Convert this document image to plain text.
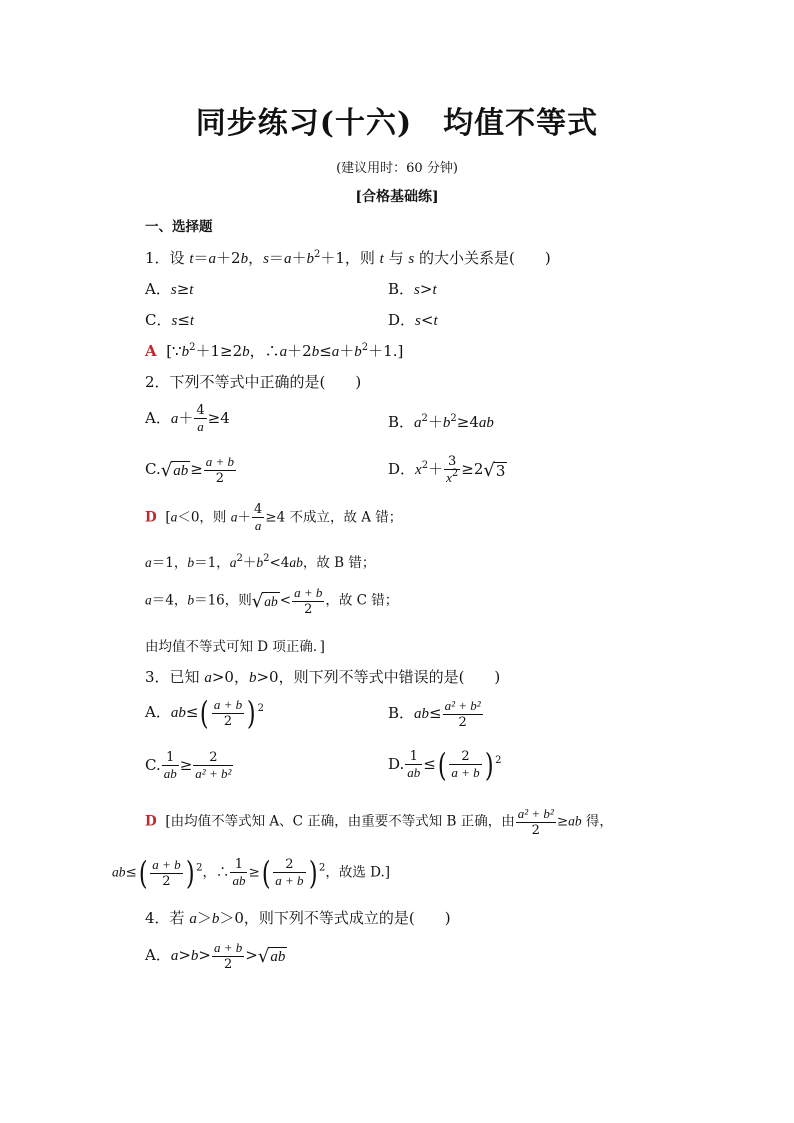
同步练习(十六)　均值不等式
(建议用时：60 分钟)
[合格基础练]
一、选择题
1．设 t＝a＋2b，$s=a+b^2+1$，则 t 与 s 的大小关系是(　　)
A．s≥t	B．s>t
C．s≤t	D．s<t
A [$\because b^2+1\ge 2b$，$\therefore a+2b\le a+b^2+1$.]
2．下列不等式中正确的是(　　)
A．$a+ \frac{4}{a} \ge 4$	B．$a^2+b^2\ge 4ab$
$C.√ab \ge \frac{a + b}{2}$	D．$x^2+ \frac{3}{x^2} \ge 2√3$
D [a＜0，则 $a+ \frac{4}{a} \ge 4$ 不成立，故 A 错；
a＝1，b＝1，$a^2+b^2<4ab$，故 B 错；
a＝4，b＝16，则$√ab < \frac{a + b}{2}$ ，故 C 错；
由均值不等式可知 D 项正确．]
3．已知 a>0，b>0，则下列不等式中错误的是(　　)
A．$ab\le( \frac{a + b}{2}$ ) $^2$	B．$ab\le \frac{\text{a² + b²}}{2}$
C. $\frac{1}{ab} \ge \frac{2}{\text{a² + b²}}$	D. $\frac{1}{ab}$ ≤( $\frac{2}{a + b}$ ) $^2$
D [由均值不等式知 A、C 正确，由重要不等式知 B 正确，由 $\frac{\text{a² + b²}}{2} \ge ab$ 得，
$ab\le( \frac{a + b}{2}$ ) $^2$，∴ $\frac{1}{ab}$ ≥( $\frac{2}{a + b}$ ) $^2$，故选 D.]
4．若 a＞b＞0，则下列不等式成立的是(　　)
A．$a>b> \frac{a + b}{2} >√ab$
